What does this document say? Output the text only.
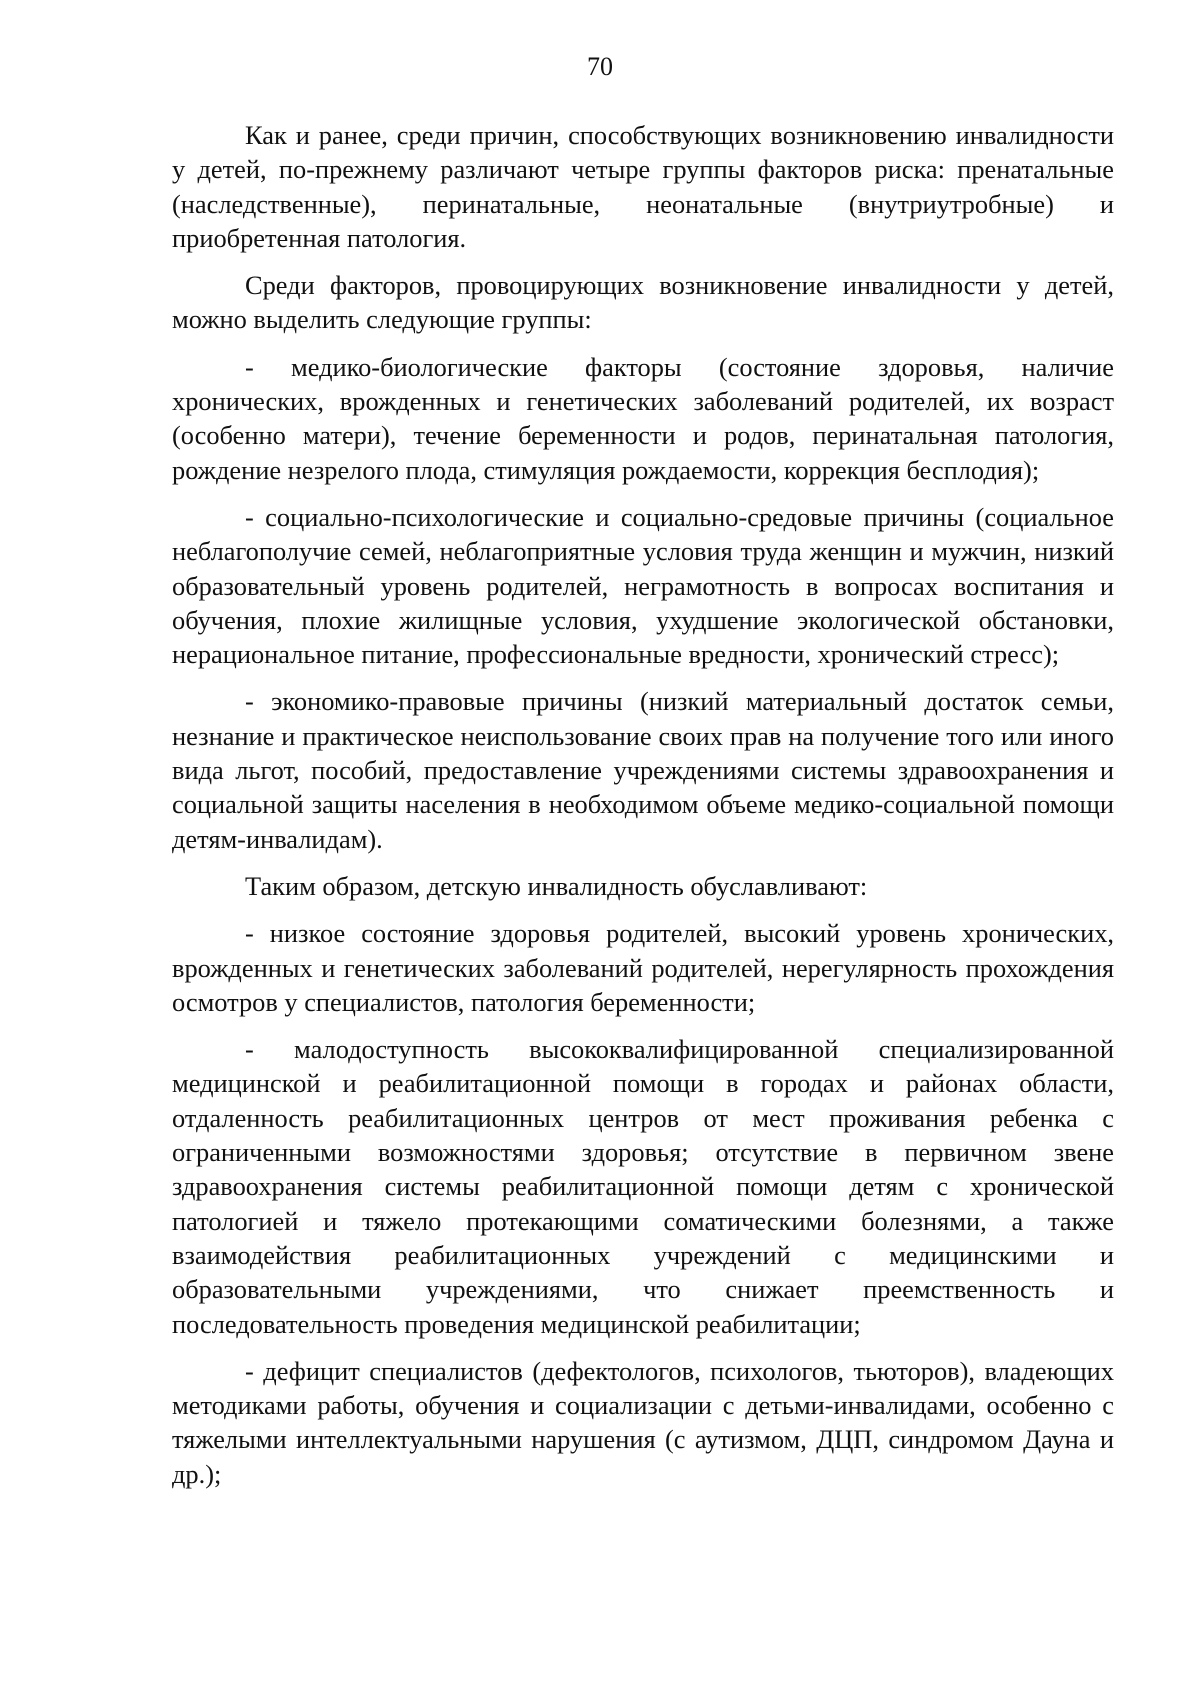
70

Как и ранее, среди причин, способствующих возникновению инвалидности у детей, по-прежнему различают четыре группы факторов риска: пренатальные (наследственные), перинатальные, неонатальные (внутриутробные) и приобретенная патология.

Среди факторов, провоцирующих возникновение инвалидности у детей, можно выделить следующие группы:

- медико-биологические факторы (состояние здоровья, наличие хронических, врожденных и генетических заболеваний родителей, их возраст (особенно матери), течение беременности и родов, перинатальная патология, рождение незрелого плода, стимуляция рождаемости, коррекция бесплодия);

- социально-психологические и социально-средовые причины (социальное неблагополучие семей, неблагоприятные условия труда женщин и мужчин, низкий образовательный уровень родителей, неграмотность в вопросах воспитания и обучения, плохие жилищные условия, ухудшение экологической обстановки, нерациональное питание, профессиональные вредности, хронический стресс);

- экономико-правовые причины (низкий материальный достаток семьи, незнание и практическое неиспользование своих прав на получение того или иного вида льгот, пособий, предоставление учреждениями системы здравоохранения и социальной защиты населения в необходимом объеме медико-социальной помощи детям-инвалидам).

Таким образом, детскую инвалидность обуславливают:

- низкое состояние здоровья родителей, высокий уровень хронических, врожденных и генетических заболеваний родителей, нерегулярность прохождения осмотров у специалистов, патология беременности;

- малодоступность высококвалифицированной специализированной медицинской и реабилитационной помощи в городах и районах области, отдаленность реабилитационных центров от мест проживания ребенка с ограниченными возможностями здоровья; отсутствие в первичном звене здравоохранения системы реабилитационной помощи детям с хронической патологией и тяжело протекающими соматическими болезнями, а также взаимодействия реабилитационных учреждений с медицинскими и образовательными учреждениями, что снижает преемственность и последовательность проведения медицинской реабилитации;

- дефицит специалистов (дефектологов, психологов, тьюторов), владеющих методиками работы, обучения и социализации с детьми-инвалидами, особенно с тяжелыми интеллектуальными нарушения (с аутизмом, ДЦП, синдромом Дауна и др.);
